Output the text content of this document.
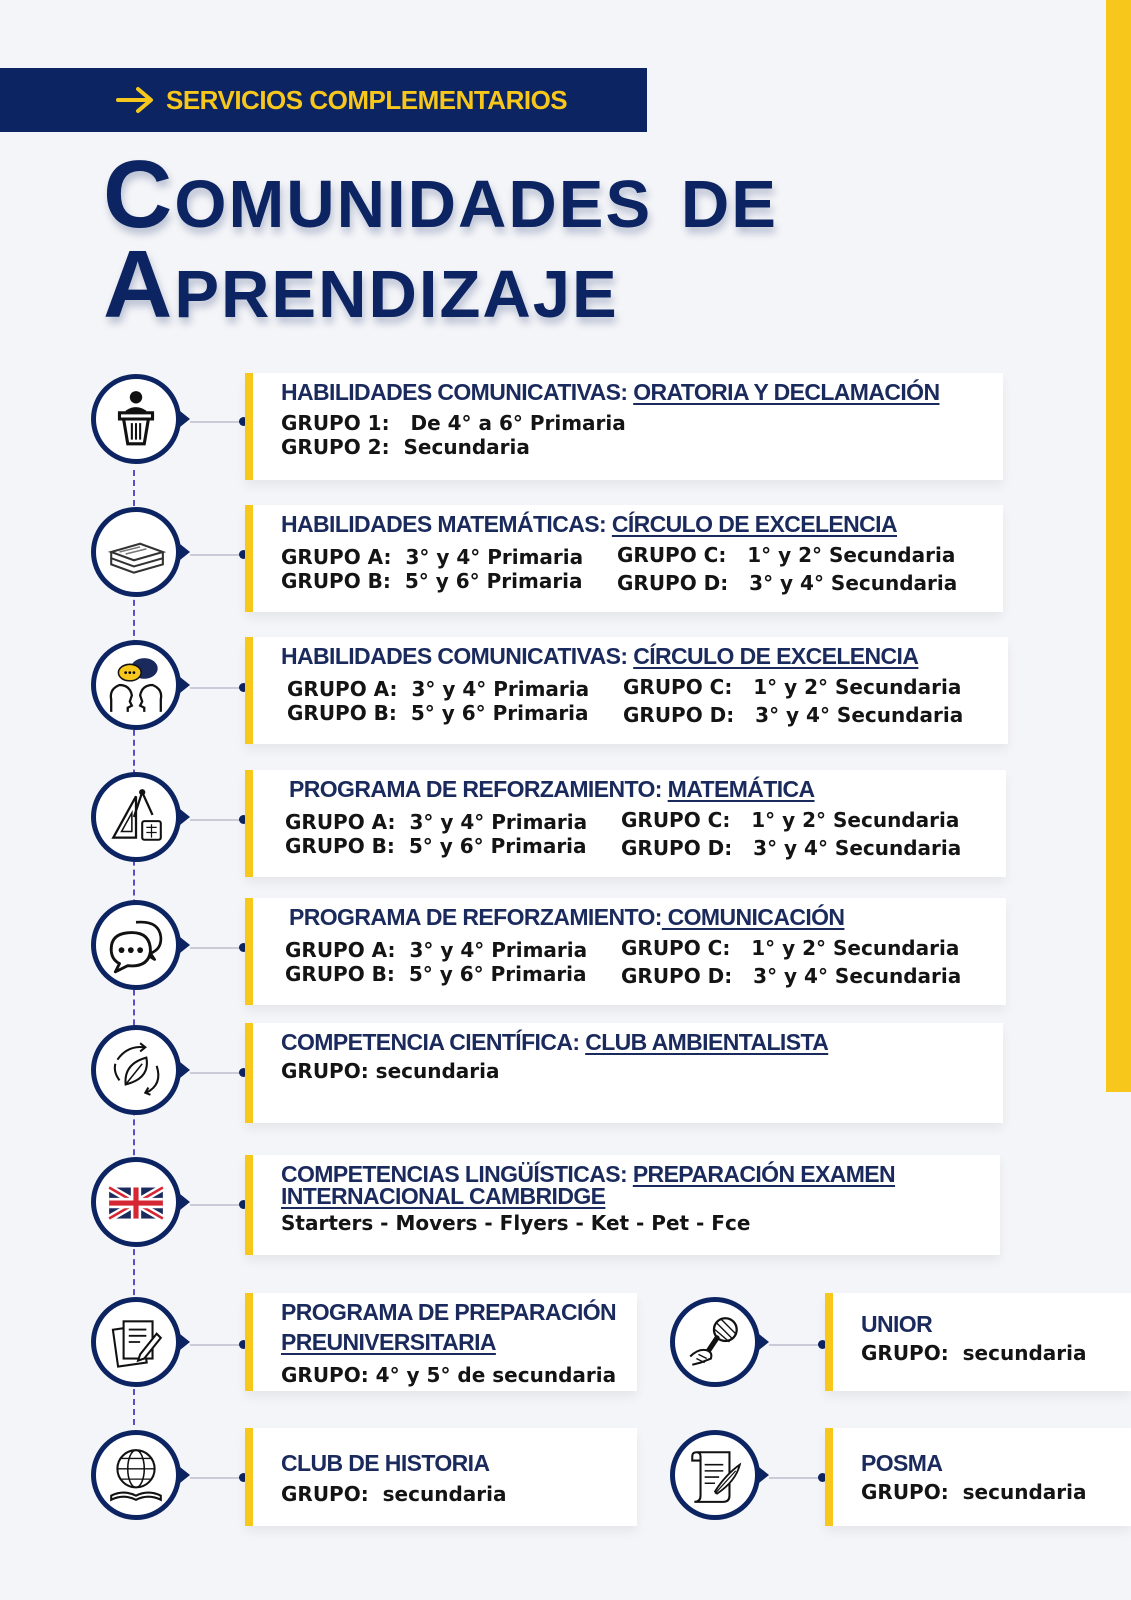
SERVICIOS COMPLEMENTARIOS
Comunidades de
Aprendizaje
HABILIDADES COMUNICATIVAS: ORATORIA Y DECLAMACIÓN
GRUPO 1:   De 4° a 6° Primaria
GRUPO 2:  Secundaria
HABILIDADES MATEMÁTICAS: CÍRCULO DE EXCELENCIA
GRUPO A:  3° y 4° Primaria
GRUPO B:  5° y 6° Primaria
GRUPO C:   1° y 2° Secundaria
GRUPO D:   3° y 4° Secundaria
HABILIDADES COMUNICATIVAS: CÍRCULO DE EXCELENCIA
GRUPO A:  3° y 4° Primaria
GRUPO B:  5° y 6° Primaria
GRUPO C:   1° y 2° Secundaria
GRUPO D:   3° y 4° Secundaria
PROGRAMA DE REFORZAMIENTO: MATEMÁTICA
GRUPO A:  3° y 4° Primaria
GRUPO B:  5° y 6° Primaria
GRUPO C:   1° y 2° Secundaria
GRUPO D:   3° y 4° Secundaria
PROGRAMA DE REFORZAMIENTO: COMUNICACIÓN
GRUPO A:  3° y 4° Primaria
GRUPO B:  5° y 6° Primaria
GRUPO C:   1° y 2° Secundaria
GRUPO D:   3° y 4° Secundaria
COMPETENCIA CIENTÍFICA: CLUB AMBIENTALISTA
GRUPO: secundaria
COMPETENCIAS LINGÜÍSTICAS: PREPARACIÓN EXAMEN
INTERNACIONAL CAMBRIDGE
Starters - Movers - Flyers - Ket - Pet - Fce
PROGRAMA DE PREPARACIÓN
PREUNIVERSITARIA
GRUPO: 4° y 5° de secundaria
CLUB DE HISTORIA
GRUPO:  secundaria
UNIOR
GRUPO:  secundaria
POSMA
GRUPO:  secundaria
